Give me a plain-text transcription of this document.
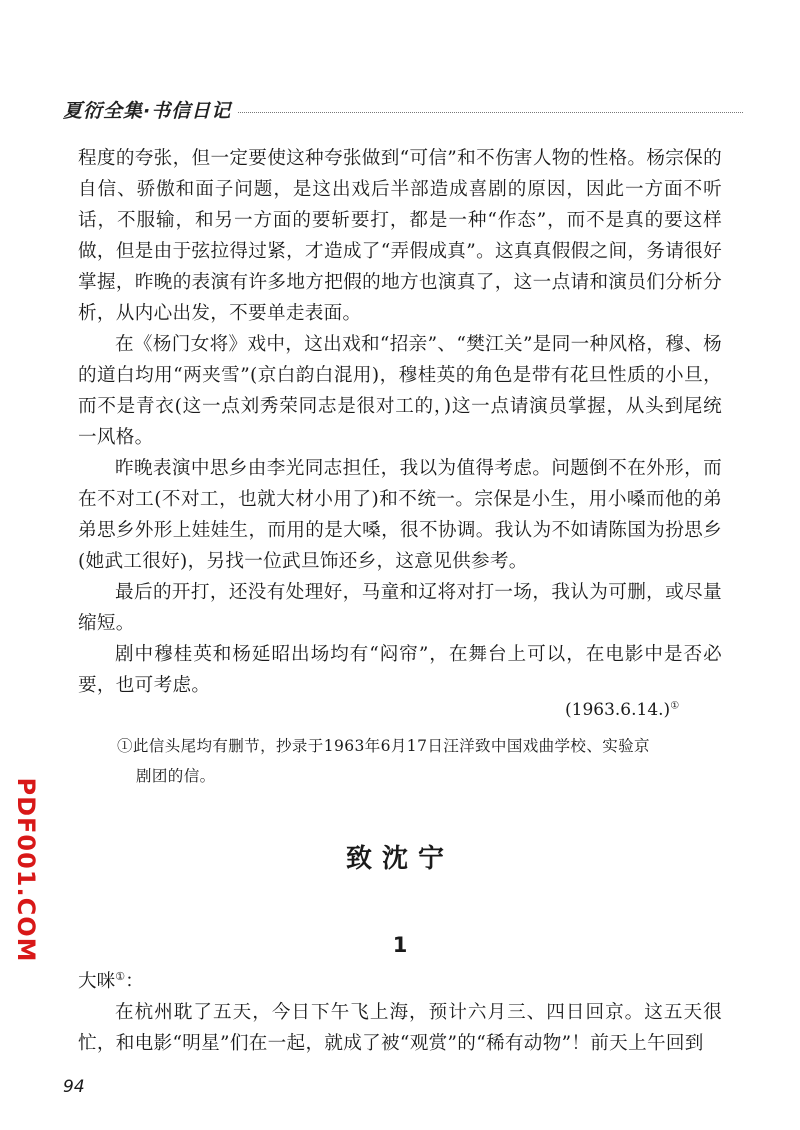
夏衍全集·书信日记

程度的夸张，但一定要使这种夸张做到“可信”和不伤害人物的性格。杨宗保的自信、骄傲和面子问题，是这出戏后半部造成喜剧的原因，因此一方面不听话，不服输，和另一方面的要斩要打，都是一种“作态”，而不是真的要这样做，但是由于弦拉得过紧，才造成了“弄假成真”。这真真假假之间，务请很好掌握，昨晚的表演有许多地方把假的地方也演真了，这一点请和演员们分析分析，从内心出发，不要单走表面。

在《杨门女将》戏中，这出戏和“招亲”、“樊江关”是同一种风格，穆、杨的道白均用“两夹雪”(京白韵白混用)，穆桂英的角色是带有花旦性质的小旦，而不是青衣(这一点刘秀荣同志是很对工的，)这一点请演员掌握，从头到尾统一风格。

昨晚表演中思乡由李光同志担任，我以为值得考虑。问题倒不在外形，而在不对工(不对工，也就大材小用了)和不统一。宗保是小生，用小嗓而他的弟弟思乡外形上娃娃生，而用的是大嗓，很不协调。我认为不如请陈国为扮思乡(她武工很好)，另找一位武旦饰还乡，这意见供参考。

最后的开打，还没有处理好，马童和辽将对打一场，我认为可删，或尽量缩短。

剧中穆桂英和杨延昭出场均有“闷帘”，在舞台上可以，在电影中是否必要，也可考虑。

(1963.6.14.)①
①此信头尾均有删节，抄录于1963年6月17日汪洋致中国戏曲学校、实验京
剧团的信。
PDF001.COM	致沈宁
1

大咪①：

在杭州耽了五天，今日下午飞上海，预计六月三、四日回京。这五天很忙，和电影“明星”们在一起，就成了被“观赏”的“稀有动物”！前天上午回到

94
